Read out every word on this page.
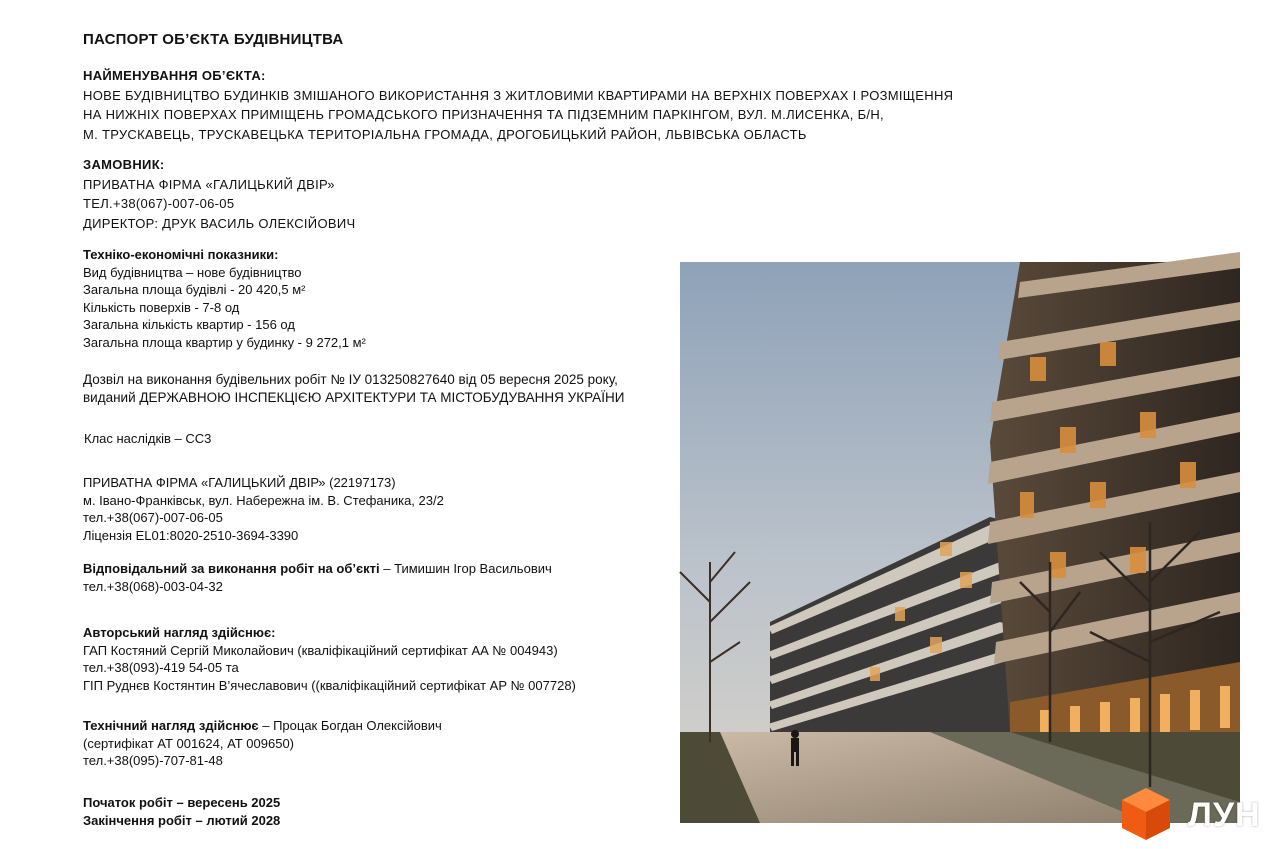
ПАСПОРТ ОБ’ЄКТА БУДІВНИЦТВА
НАЙМЕНУВАННЯ ОБ’ЄКТА:
НОВЕ БУДІВНИЦТВО БУДИНКІВ ЗМІШАНОГО ВИКОРИСТАННЯ З ЖИТЛОВИМИ КВАРТИРАМИ НА ВЕРХНІХ ПОВЕРХАХ І РОЗМІЩЕННЯ
НА НИЖНІХ ПОВЕРХАХ ПРИМІЩЕНЬ ГРОМАДСЬКОГО ПРИЗНАЧЕННЯ ТА ПІДЗЕМНИМ ПАРКІНГОМ, ВУЛ. М.ЛИСЕНКА, Б/Н,
М. ТРУСКАВЕЦЬ, ТРУСКАВЕЦЬКА ТЕРИТОРІАЛЬНА ГРОМАДА, ДРОГОБИЦЬКИЙ РАЙОН, ЛЬВІВСЬКА ОБЛАСТЬ
ЗАМОВНИК:
ПРИВАТНА ФІРМА «ГАЛИЦЬКИЙ ДВІР»
ТЕЛ.+38(067)-007-06-05
ДИРЕКТОР: ДРУК ВАСИЛЬ ОЛЕКСІЙОВИЧ
Техніко-економічні показники:
Вид будівництва – нове будівництво
Загальна площа будівлі - 20 420,5 м²
Кількість поверхів - 7-8 од
Загальна кількість квартир - 156 од
Загальна площа квартир у будинку - 9 272,1 м²
Дозвіл на виконання будівельних робіт № ІУ 013250827640 від 05 вересня 2025 року,
виданий ДЕРЖАВНОЮ ІНСПЕКЦІЄЮ АРХІТЕКТУРИ ТА МІСТОБУДУВАННЯ УКРАЇНИ
Клас наслідків – СС3
ПРИВАТНА ФІРМА «ГАЛИЦЬКИЙ ДВІР» (22197173)
м. Івано-Франківськ, вул. Набережна ім. В. Стефаника, 23/2
тел.+38(067)-007-06-05
Ліцензія ЕL01:8020-2510-3694-3390
Відповідальний за виконання робіт на об’єкті – Тимишин Ігор Васильович
тел.+38(068)-003-04-32
Авторський нагляд здійснює:
ГАП Костяний Сергій Миколайович (кваліфікаційний сертифікат АА № 004943)
тел.+38(093)-419 54-05 та
ГІП Руднєв Костянтин В’ячеславович ((кваліфікаційний сертифікат АР № 007728)
Технічний нагляд здійснює – Процак Богдан Олексійович
(сертифікат АТ 001624, АТ 009650)
тел.+38(095)-707-81-48
Початок робіт – вересень 2025
Закінчення робіт – лютий 2028	ЛУН
